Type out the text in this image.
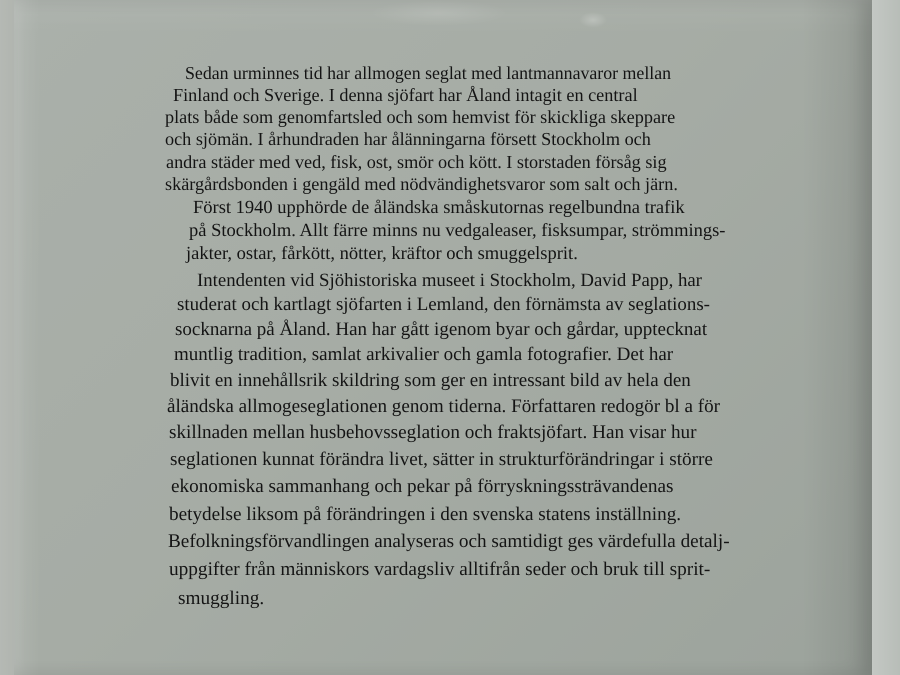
Sedan urminnes tid har allmogen seglat med lantmannavaror mellan
Finland och Sverige. I denna sjöfart har Åland intagit en central
plats både som genomfartsled och som hemvist för skickliga skeppare
och sjömän. I århundraden har ålänningarna försett Stockholm och
andra städer med ved, fisk, ost, smör och kött. I storstaden försåg sig
skärgårdsbonden i gengäld med nödvändighetsvaror som salt och järn.
Först 1940 upphörde de åländska småskutornas regelbundna trafik
på Stockholm. Allt färre minns nu vedgaleaser, fisksumpar, strömmings-
jakter, ostar, fårkött, nötter, kräftor och smuggelsprit.
Intendenten vid Sjöhistoriska museet i Stockholm, David Papp, har
studerat och kartlagt sjöfarten i Lemland, den förnämsta av seglations-
socknarna på Åland. Han har gått igenom byar och gårdar, upptecknat
muntlig tradition, samlat arkivalier och gamla fotografier. Det har
blivit en innehållsrik skildring som ger en intressant bild av hela den
åländska allmogeseglationen genom tiderna. Författaren redogör bl a för
skillnaden mellan husbehovsseglation och fraktsjöfart. Han visar hur
seglationen kunnat förändra livet, sätter in strukturförändringar i större
ekonomiska sammanhang och pekar på förryskningssträvandenas
betydelse liksom på förändringen i den svenska statens inställning.
Befolkningsförvandlingen analyseras och samtidigt ges värdefulla detalj-
uppgifter från människors vardagsliv alltifrån seder och bruk till sprit-
smuggling.
